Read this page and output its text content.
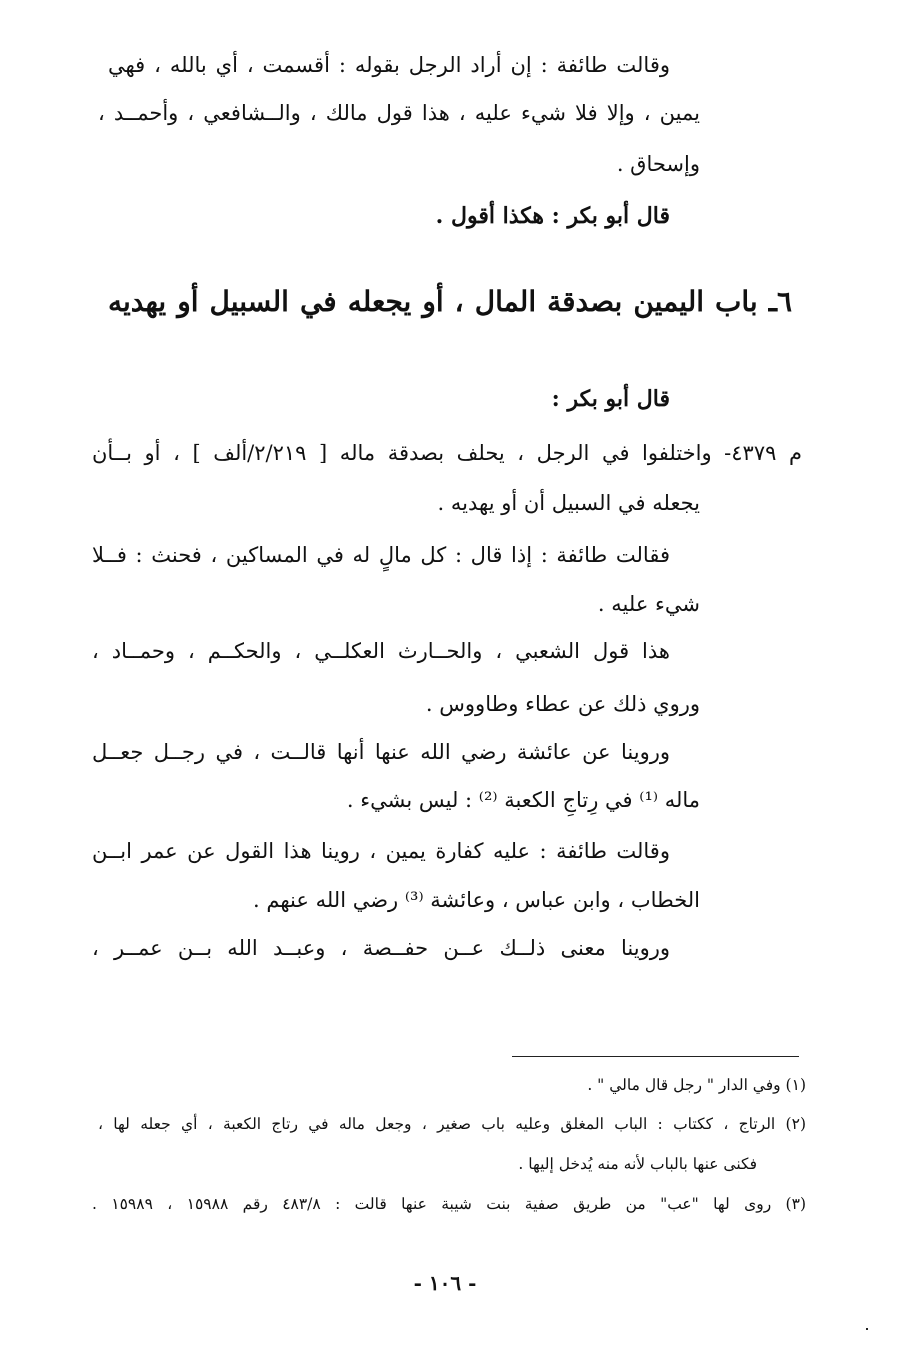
وقالت طائفة : إن أراد الرجل بقوله : أقسمت ، أي بالله ، فهي
يمين ، وإلا فلا شيء عليه ، هذا قول مالك ، والــشافعي ، وأحمــد ،
وإسحاق .
قال أبو بكر : هكذا أقول .
٦ـ باب اليمين بصدقة المال ، أو يجعله في السبيل أو يهديه
قال أبو بكر :
م ٤٣٧٩- واختلفوا في الرجل ، يحلف بصدقة ماله [ ٢/٢١٩/ألف ] ، أو بــأن
يجعله في السبيل أن أو يهديه .
فقالت طائفة : إذا قال : كل مالٍ له في المساكين ، فحنث : فــلا
شيء عليه .
هذا قول الشعبي ، والحــارث العكلــي ، والحكــم ، وحمــاد ،
وروي ذلك عن عطاء وطاووس .
وروينا عن عائشة رضي الله عنها أنها قالــت ، في رجــل جعــل
ماله ⁽¹⁾ في رِتاجِ الكعبة ⁽²⁾ : ليس بشيء .
وقالت طائفة : عليه كفارة يمين ، روينا هذا القول عن عمر ابــن
الخطاب ، وابن عباس ، وعائشة ⁽³⁾ رضي الله عنهم .
وروينا معنى ذلــك عــن حفــصة ، وعبــد الله بــن عمــر ،
(١) وفي الدار " رجل قال مالي " .
(٢) الرتاج ، ككتاب : الباب المغلق وعليه باب صغير ، وجعل ماله في رتاج الكعبة ، أي جعله لها ،
فكنى عنها بالباب لأنه منه يُدخل إليها .
(٣) روى لها "عب" من طريق صفية بنت شيبة عنها قالت : ٤٨٣/٨ رقم ١٥٩٨٨ ، ١٥٩٨٩ .
- ١٠٦ -
